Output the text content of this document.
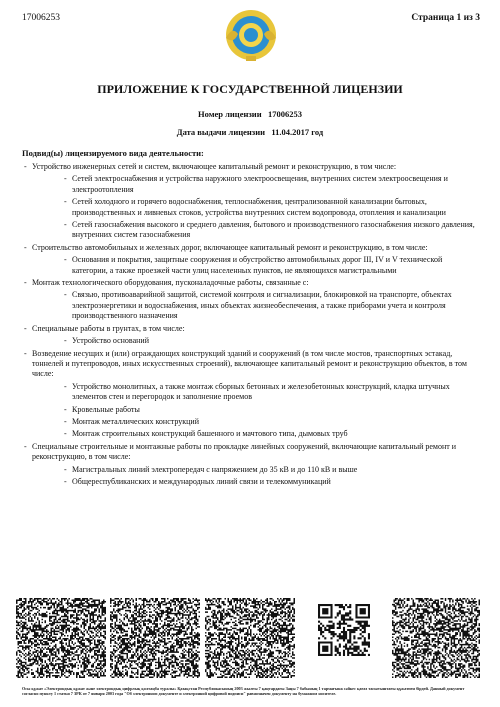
17006253	Страница 1 из 3
ПРИЛОЖЕНИЕ К ГОСУДАРСТВЕННОЙ ЛИЦЕНЗИИ
Номер лицензии 17006253
Дата выдачи лицензии 11.04.2017 год
Подвид(ы) лицензируемого вида деятельности:
- Устройство инженерных сетей и систем, включающее капитальный ремонт и реконструкцию, в том числе:
- Сетей электроснабжения и устройства наружного электроосвещения, внутренних систем электроосвещения и электроотопления
- Сетей холодного и горячего водоснабжения, теплоснабжения, централизованной канализации бытовых, производственных и ливневых стоков, устройства внутренних систем водопровода, отопления и канализации
- Сетей газоснабжения высокого и среднего давления, бытового и производственного газоснабжения низкого давления, внутренних систем газоснабжения
- Строительство автомобильных и железных дорог, включающее капитальный ремонт и реконструкцию, в том числе:
- Основания и покрытия, защитные сооружения и обустройство автомобильных дорог III, IV и V технической категории, а также проезжей части улиц населенных пунктов, не являющихся магистральными
- Монтаж технологического оборудования, пусконаладочные работы, связанные с:
- Связью, противоаварийной защитой, системой контроля и сигнализации, блокировкой на транспорте, объектах электроэнергетики и водоснабжения, иных объектах жизнеобеспечения, а также приборами учета и контроля производственного назначения
- Специальные работы в грунтах, в том числе:
- Устройство оснований
- Возведение несущих и (или) ограждающих конструкций зданий и сооружений (в том числе мостов, транспортных эстакад, тоннелей и путепроводов, иных искусственных строений), включающее капитальный ремонт и реконструкцию объектов, в том числе:
- Устройство монолитных, а также монтаж сборных бетонных и железобетонных конструкций, кладка штучных элементов стен и перегородок и заполнение проемов
- Кровельные работы
- Монтаж металлических конструкций
- Монтаж строительных конструкций башенного и мачтового типа, дымовых труб
- Специальные строительные и монтажные работы по прокладке линейных сооружений, включающие капитальный ремонт и реконструкцию, в том числе:
- Магистральных линий электропередач с напряжением до 35 кВ и до 110 кВ и выше
- Общереспубликанских и международных линий связи и телекоммуникаций
Осы құжат «Электрондық құжат және электрондық цифрлық қолтаңба туралы» Қазақстан Республикасының 2003 жылғы 7 қаңтардағы Заңы 7 бабының 1 тармағына сәйкес қағаз тасығыштағы құжатпен бірдей. Данный документ согласно пункту 1 статьи 7 ЗРК от 7 января 2003 года "Об электронном документе и электронной цифровой подписи" равнозначен документу на бумажном носителе.
